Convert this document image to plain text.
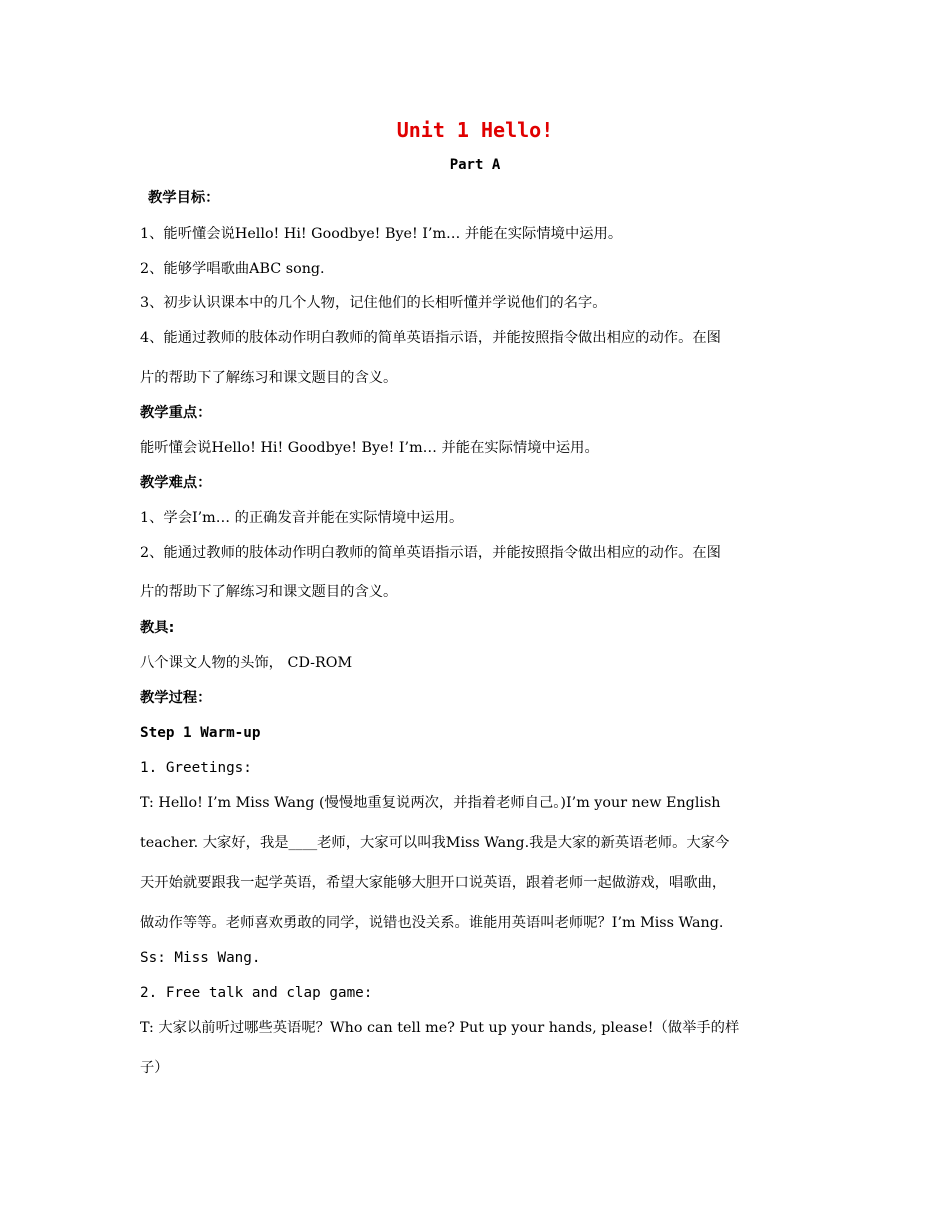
Unit 1 Hello!
Part A
教学目标：
1、能听懂会说Hello! Hi! Goodbye! Bye! I’m… 并能在实际情境中运用。
2、能够学唱歌曲ABC song.
3、初步认识课本中的几个人物，记住他们的长相听懂并学说他们的名字。
4、能通过教师的肢体动作明白教师的简单英语指示语，并能按照指令做出相应的动作。在图
片的帮助下了解练习和课文题目的含义。
教学重点：
能听懂会说Hello! Hi! Goodbye! Bye! I’m… 并能在实际情境中运用。
教学难点：
1、学会I’m… 的正确发音并能在实际情境中运用。
2、能通过教师的肢体动作明白教师的简单英语指示语，并能按照指令做出相应的动作。在图
片的帮助下了解练习和课文题目的含义。
教具:
八个课文人物的头饰， CD-ROM
教学过程：
Step 1 Warm-up
1. Greetings:
T: Hello! I’m Miss Wang (慢慢地重复说两次，并指着老师自己。)I’m your new English
teacher. 大家好，我是____老师，大家可以叫我Miss Wang.我是大家的新英语老师。大家今
天开始就要跟我一起学英语，希望大家能够大胆开口说英语，跟着老师一起做游戏，唱歌曲，
做动作等等。老师喜欢勇敢的同学，说错也没关系。谁能用英语叫老师呢？I’m Miss Wang.
Ss: Miss Wang.
2. Free talk and clap game:
T: 大家以前听过哪些英语呢？Who can tell me? Put up your hands, please!（做举手的样
子）
